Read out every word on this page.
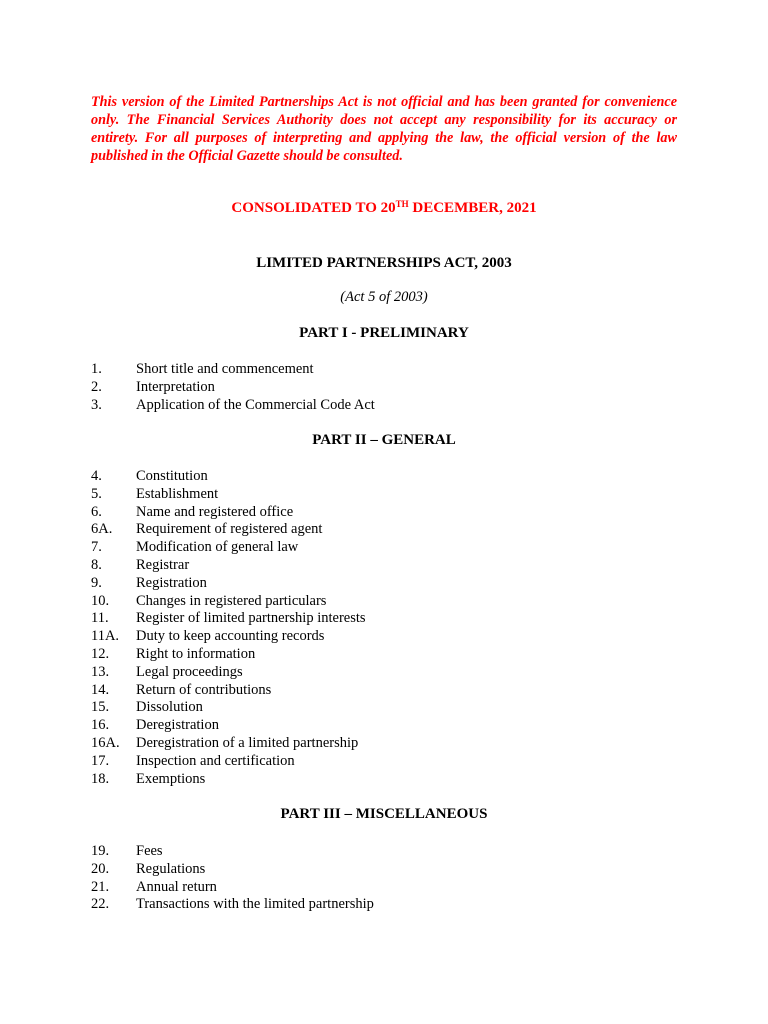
This version of the Limited Partnerships Act is not official and has been granted for convenience only. The Financial Services Authority does not accept any responsibility for its accuracy or entirety. For all purposes of interpreting and applying the law, the official version of the law published in the Official Gazette should be consulted.

CONSOLIDATED TO 20TH DECEMBER, 2021
LIMITED PARTNERSHIPS ACT, 2003
(Act 5 of 2003)
PART I - PRELIMINARY
1. Short title and commencement
2. Interpretation
3. Application of the Commercial Code Act
PART II – GENERAL
4. Constitution
5. Establishment
6. Name and registered office
6A. Requirement of registered agent
7. Modification of general law
8. Registrar
9. Registration
10. Changes in registered particulars
11. Register of limited partnership interests
11A. Duty to keep accounting records
12. Right to information
13. Legal proceedings
14. Return of contributions
15. Dissolution
16. Deregistration
16A. Deregistration of a limited partnership
17. Inspection and certification
18. Exemptions
PART III – MISCELLANEOUS
19. Fees
20. Regulations
21. Annual return
22. Transactions with the limited partnership
